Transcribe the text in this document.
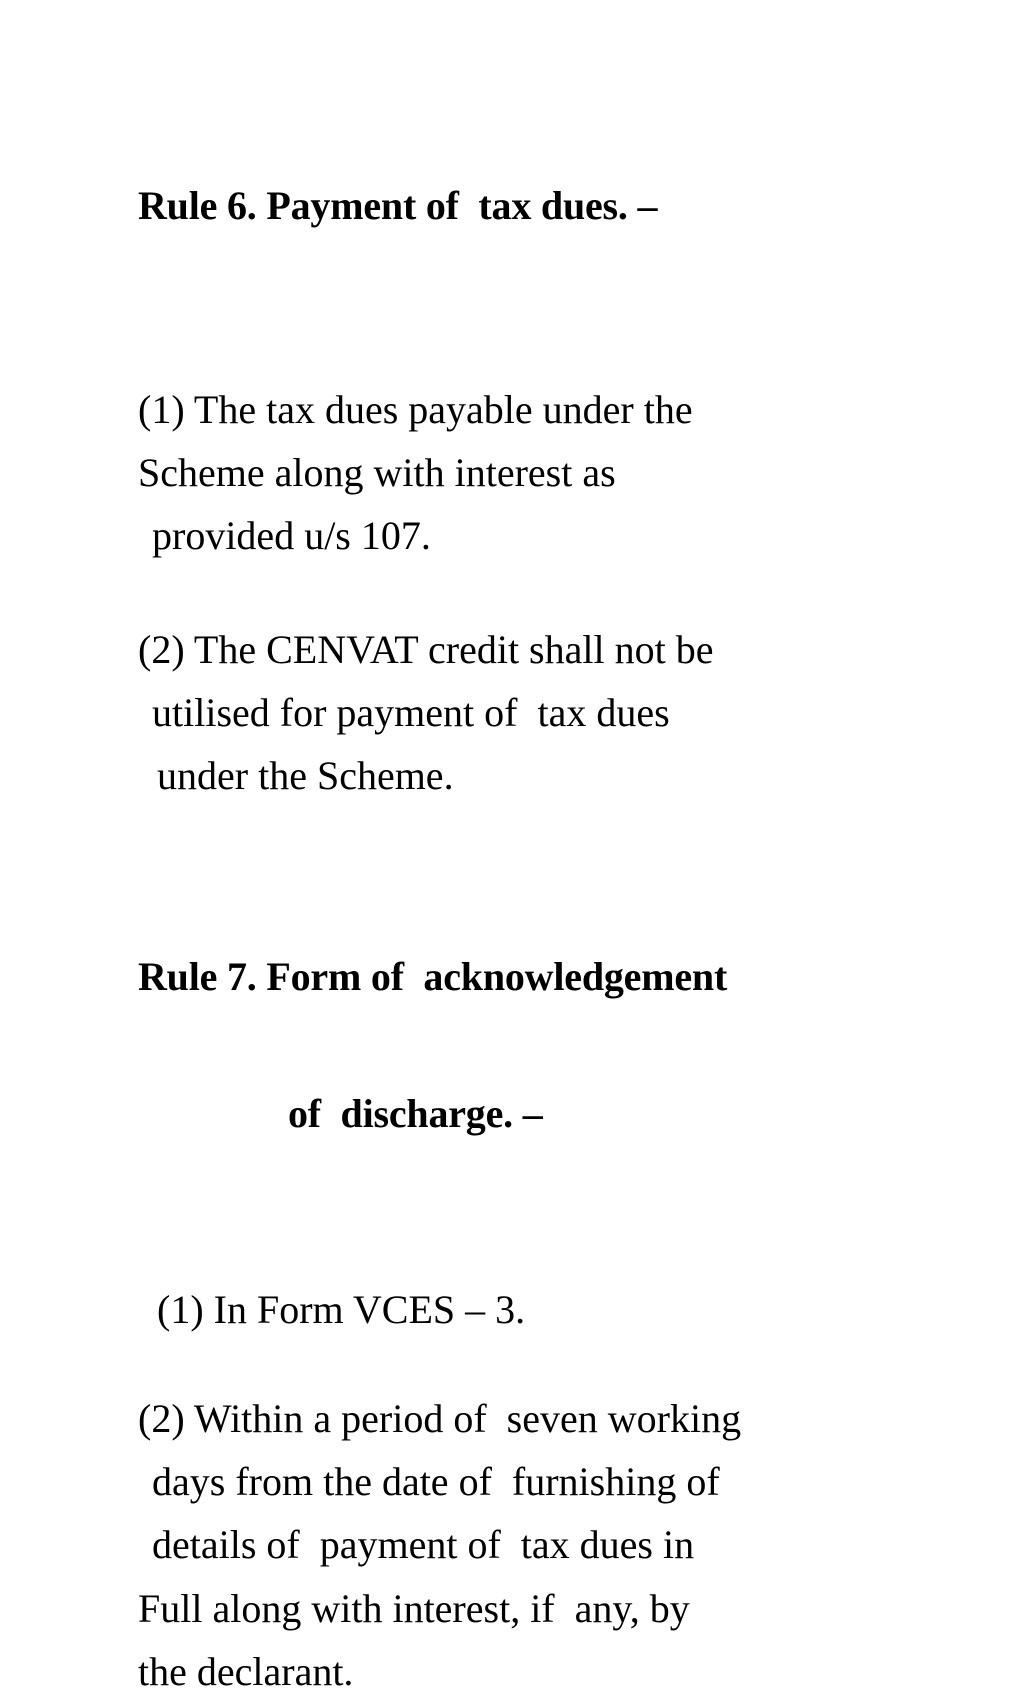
Rule 6. Payment of  tax dues. –

(1) The tax dues payable under the
Scheme along with interest as
provided u/s 107.
(2) The CENVAT credit shall not be
utilised for payment of  tax dues
under the Scheme.

Rule 7. Form of  acknowledgement

of  discharge. –

(1) In Form VCES – 3.
(2) Within a period of  seven working
days from the date of  furnishing of
details of  payment of  tax dues in
Full along with interest, if  any, by
the declarant.
